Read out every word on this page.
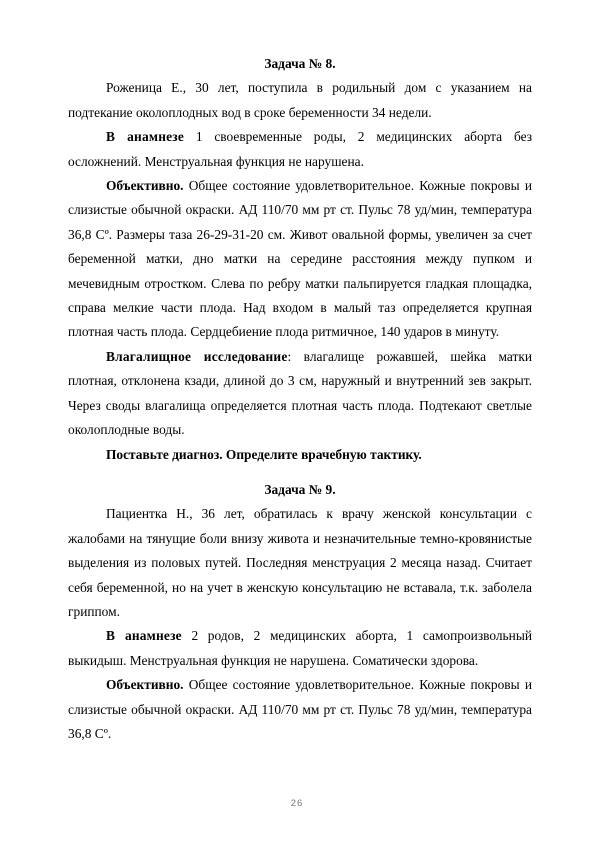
Задача № 8.

Роженица Е., 30 лет, поступила в родильный дом с указанием на подтекание околоплодных вод в сроке беременности 34 недели.

В анамнезе 1 своевременные роды, 2 медицинских аборта без осложнений. Менструальная функция не нарушена.

Объективно. Общее состояние удовлетворительное. Кожные покровы и слизистые обычной окраски. АД 110/70 мм рт ст. Пульс 78 уд/мин, температура 36,8 Сº. Размеры таза 26-29-31-20 см. Живот овальной формы, увеличен за счет беременной матки, дно матки на середине расстояния между пупком и мечевидным отростком. Слева по ребру матки пальпируется гладкая площадка, справа мелкие части плода. Над входом в малый таз определяется крупная плотная часть плода. Сердцебиение плода ритмичное, 140 ударов в минуту.

Влагалищное исследование: влагалище рожавшей, шейка матки плотная, отклонена кзади, длиной до 3 см, наружный и внутренний зев закрыт. Через своды влагалища определяется плотная часть плода. Подтекают светлые околоплодные воды.

Поставьте диагноз. Определите врачебную тактику.
Задача № 9.

Пациентка Н., 36 лет, обратилась к врачу женской консультации с жалобами на тянущие боли внизу живота и незначительные темно-кровянистые выделения из половых путей. Последняя менструация 2 месяца назад. Считает себя беременной, но на учет в женскую консультацию не вставала, т.к. заболела гриппом.

В анамнезе 2 родов, 2 медицинских аборта, 1 самопроизвольный выкидыш. Менструальная функция не нарушена. Соматически здорова.

Объективно. Общее состояние удовлетворительное. Кожные покровы и слизистые обычной окраски. АД 110/70 мм рт ст. Пульс 78 уд/мин, температура 36,8 Сº.

26
